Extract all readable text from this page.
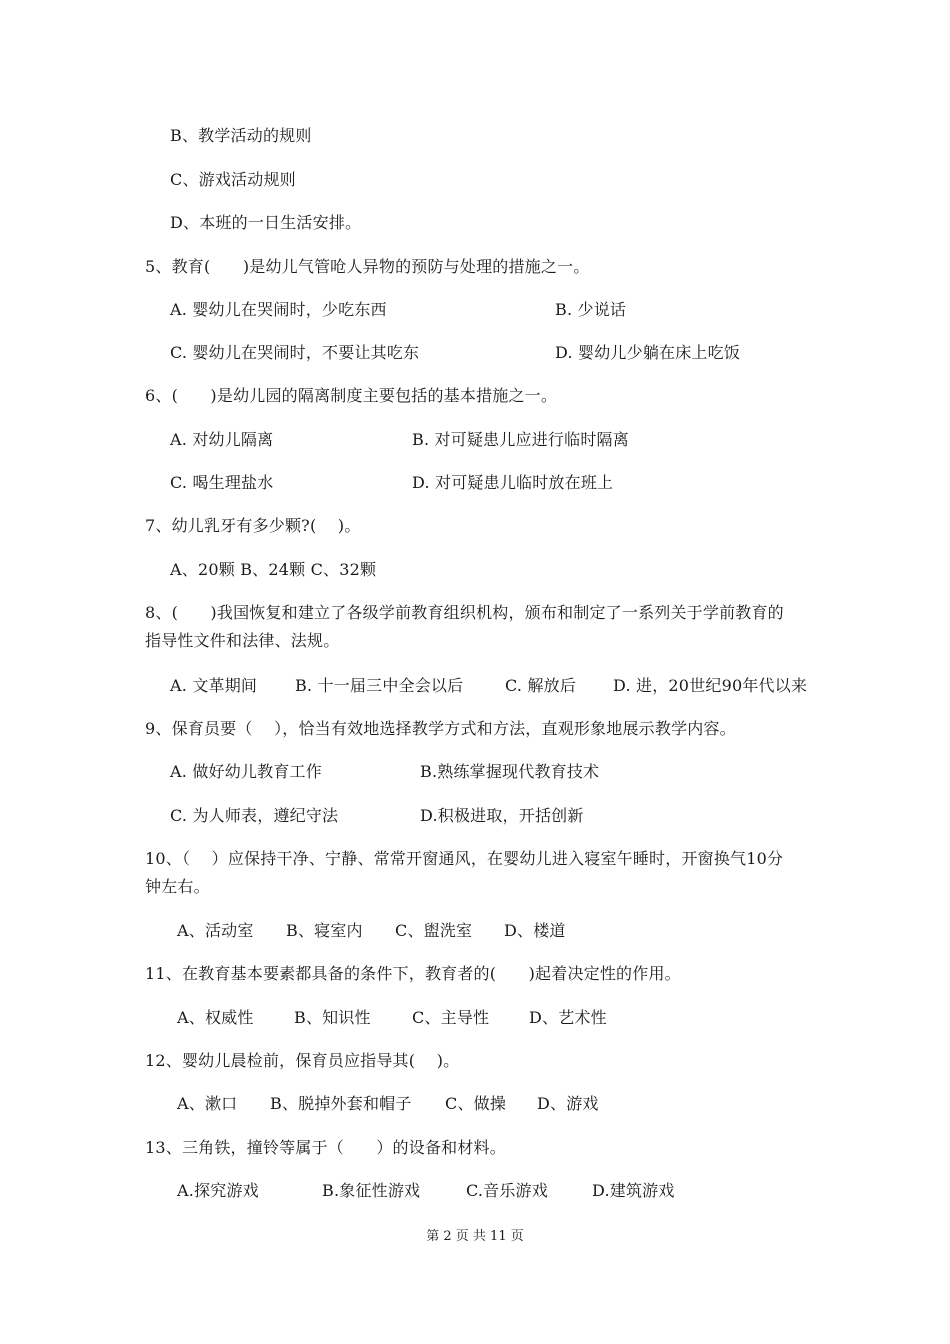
B、教学活动的规则
C、游戏活动规则
D、本班的一日生活安排。
5、教育(　　)是幼儿气管呛人异物的预防与处理的措施之一。
A. 婴幼儿在哭闹时，少吃东西	B. 少说话
C. 婴幼儿在哭闹时，不要让其吃东	D. 婴幼儿少躺在床上吃饭
6、(　　)是幼儿园的隔离制度主要包括的基本措施之一。
A. 对幼儿隔离	B. 对可疑患儿应进行临时隔离
C. 喝生理盐水	D. 对可疑患儿临时放在班上
7、幼儿乳牙有多少颗?(　 )。
A、20颗 B、24颗 C、32颗
8、(　　)我国恢复和建立了各级学前教育组织机构，颁布和制定了一系列关于学前教育的
指导性文件和法律、法规。
A. 文革期间 B. 十一届三中全会以后	C. 解放后 D. 进，20世纪90年代以来
9、保育员要（　 ），恰当有效地选择教学方式和方法，直观形象地展示教学内容。
A. 做好幼儿教育工作	B.熟练掌握现代教育技术
C. 为人师表，遵纪守法	D.积极进取，开括创新
10、（　 ）应保持干净、宁静、常常开窗通风，在婴幼儿进入寝室午睡时，开窗换气10分
钟左右。
A、活动室 B、寝室内 C、盥洗室 D、楼道
11、在教育基本要素都具备的条件下，教育者的(　　)起着决定性的作用。
A、权威性	B、知识性	C、主导性 D、艺术性
12、婴幼儿晨检前，保育员应指导其(　 )。
A、漱口 B、脱掉外套和帽子 C、做操 D、游戏
13、三角铁，撞铃等属于（　　）的设备和材料。
A.探究游戏	B.象征性游戏	C.音乐游戏	D.建筑游戏
第 2 页 共 11 页
